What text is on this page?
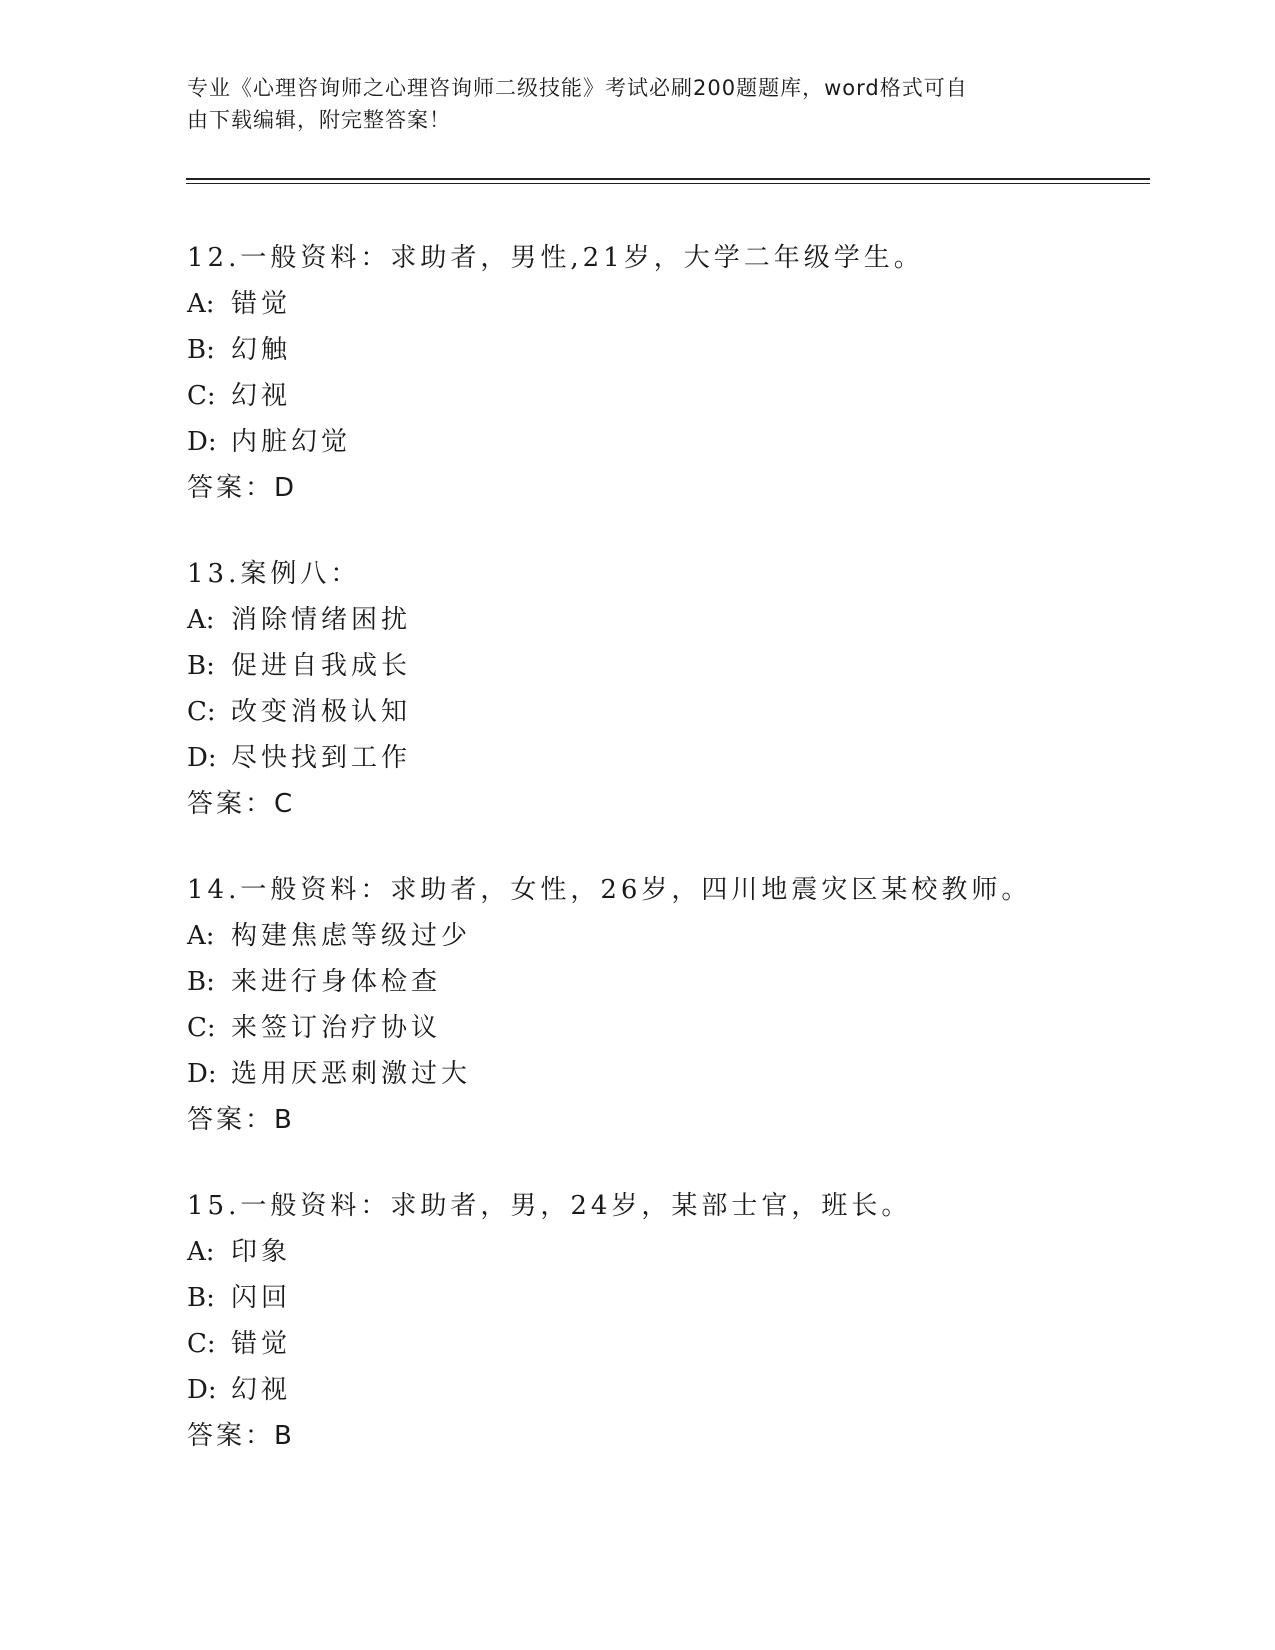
专业《心理咨询师之心理咨询师二级技能》考试必刷200题题库，word格式可自
由下载编辑，附完整答案！
12.一般资料：求助者，男性,21岁，大学二年级学生。
A: 错觉
B: 幻触
C: 幻视
D: 内脏幻觉
答案：D
13.案例八：
A: 消除情绪困扰
B: 促进自我成长
C: 改变消极认知
D: 尽快找到工作
答案：C
14.一般资料：求助者，女性，26岁，四川地震灾区某校教师。
A: 构建焦虑等级过少
B: 来进行身体检查
C: 来签订治疗协议
D: 选用厌恶刺激过大
答案：B
15.一般资料：求助者，男，24岁，某部士官，班长。
A: 印象
B: 闪回
C: 错觉
D: 幻视
答案：B
